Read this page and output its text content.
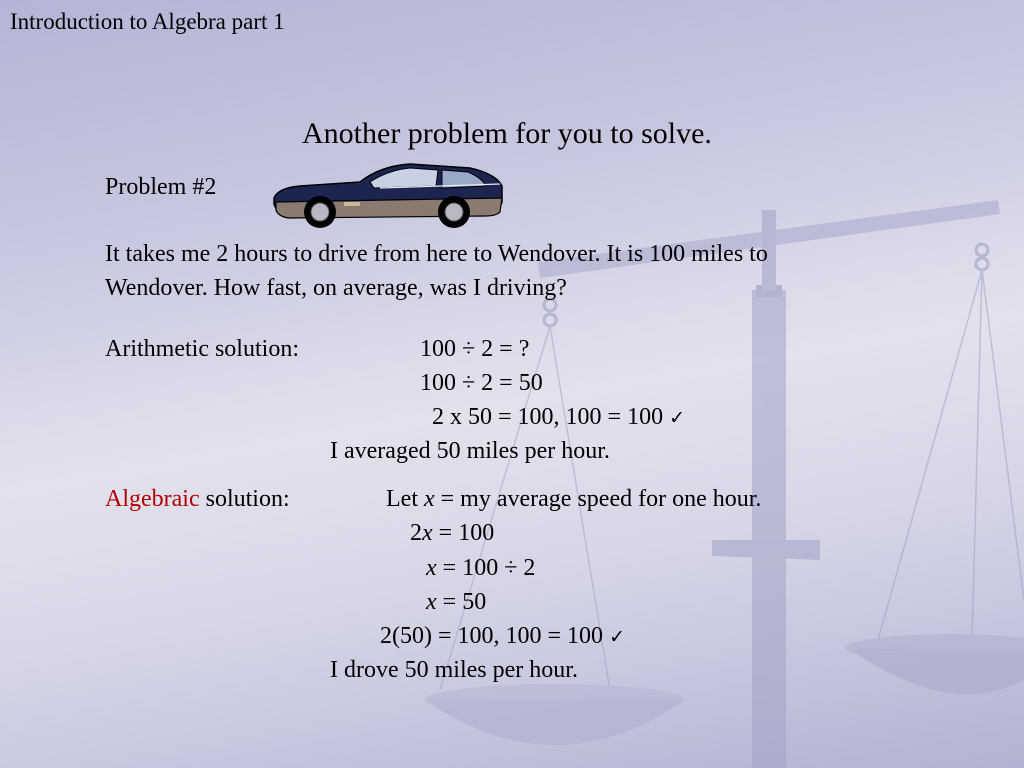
Introduction to Algebra part 1
Another problem for you to solve.
Problem #2
It takes me 2 hours to drive from here to Wendover. It is 100 miles to
Wendover. How fast, on average, was I driving?
Arithmetic solution:	100 ÷ 2 = ?
100 ÷ 2 = 50
2 x 50 = 100, 100 = 100 ✓
I averaged 50 miles per hour.
Algebraic solution:	Let x = my average speed for one hour.
2x = 100
x = 100 ÷ 2
x = 50
2(50) = 100, 100 = 100 ✓
I drove 50 miles per hour.
